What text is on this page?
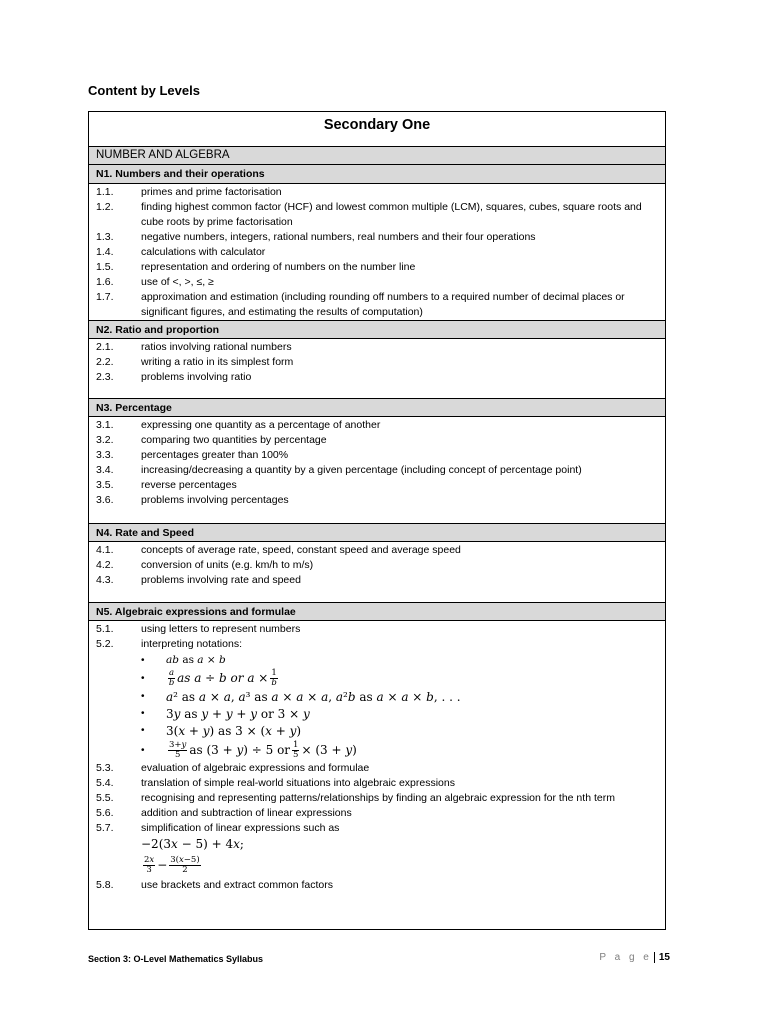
Content by Levels
Secondary One
NUMBER AND ALGEBRA
N1. Numbers and their operations
1.1.	primes and prime factorisation
1.2.	finding highest common factor (HCF) and lowest common multiple (LCM), squares, cubes, square roots and cube roots by prime factorisation
1.3.	negative numbers, integers, rational numbers, real numbers and their four operations
1.4.	calculations with calculator
1.5.	representation and ordering of numbers on the number line
1.6.	use of <, >, ≤, ≥
1.7.	approximation and estimation (including rounding off numbers to a required number of decimal places or significant figures, and estimating the results of computation)
N2. Ratio and proportion
2.1.	ratios involving rational numbers
2.2.	writing a ratio in its simplest form
2.3.	problems involving ratio
N3. Percentage
3.1.	expressing one quantity as a percentage of another
3.2.	comparing two quantities by percentage
3.3.	percentages greater than 100%
3.4.	increasing/decreasing a quantity by a given percentage (including concept of percentage point)
3.5.	reverse percentages
3.6.	problems involving percentages
N4. Rate and Speed
4.1.	concepts of average rate, speed, constant speed and average speed
4.2.	conversion of units (e.g. km/h to m/s)
4.3.	problems involving rate and speed
N5. Algebraic expressions and formulae
5.1.	using letters to represent numbers
5.2.	interpreting notations:
•	𝑎𝑏 as 𝑎 × 𝑏
•	$\frac{\text{𝑎}}{\text{𝑏}}$ as 𝑎 ÷ 𝑏 or 𝑎 × $\frac{1}{\text{𝑏}}$
•	𝑎² as 𝑎 × 𝑎, 𝑎³ as 𝑎 × 𝑎 × 𝑎, 𝑎²𝑏 as 𝑎 × 𝑎 × 𝑏, . . .
•	3𝑦 as 𝑦 + 𝑦 + 𝑦 or 3 × 𝑦
•	3(𝑥 + 𝑦) as 3 × (𝑥 + 𝑦)
•	$\frac{\text{3+𝑦}}{5}$ as (3 + 𝑦) ÷ 5 or $\frac{1}{5} \times (3$ + 𝑦)
5.3.	evaluation of algebraic expressions and formulae
5.4.	translation of simple real-world situations into algebraic expressions
5.5.	recognising and representing patterns/relationships by finding an algebraic expression for the nth term
5.6.	addition and subtraction of linear expressions
5.7.	simplification of linear expressions such as
−2(3𝑥 − 5) + 4𝑥;
$\frac{\text{2𝑥}}{3} - \frac{\text{3(𝑥−5)}}{2}$
5.8.	use brackets and extract common factors
Section 3: O-Level Mathematics Syllabus	P a g e 15
